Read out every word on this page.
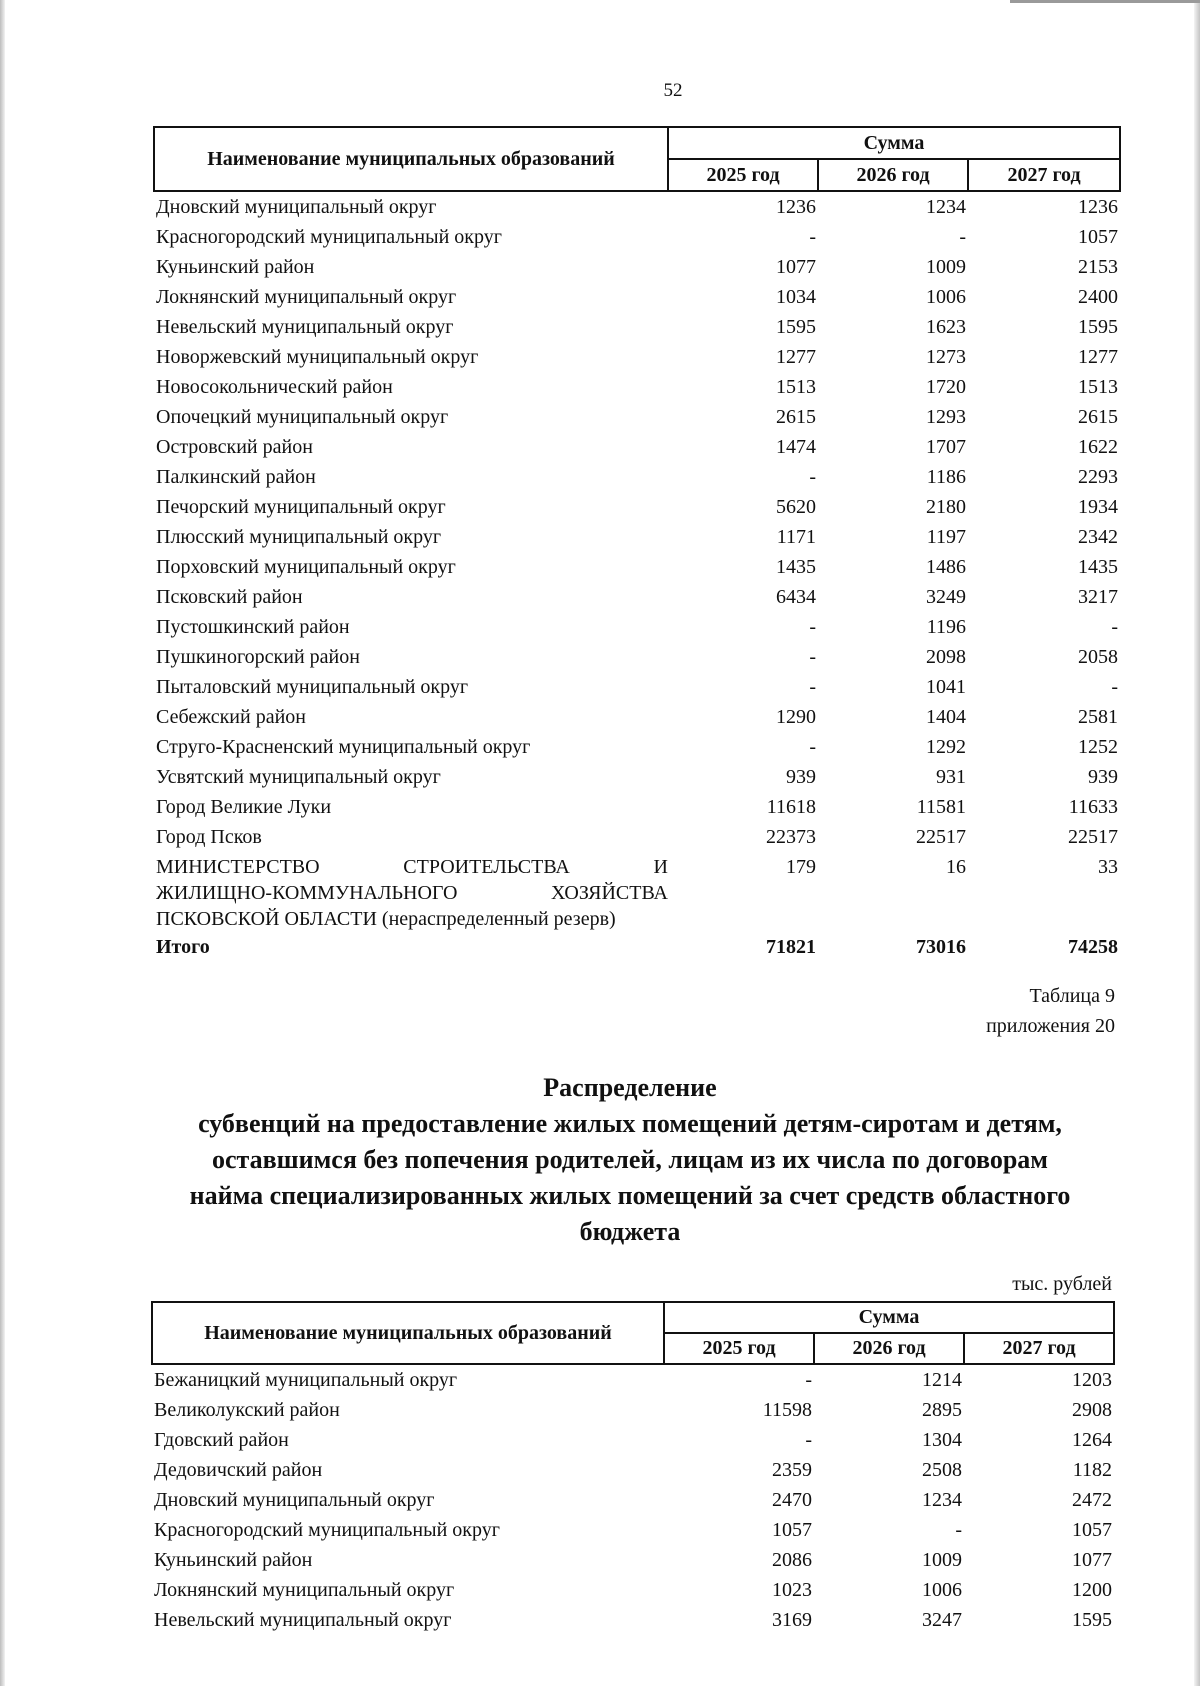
52
Наименование муниципальных образований	Сумма		
	2025 год	2026 год	2027 год
Дновский муниципальный округ	1236	1234	1236
Красногородский муниципальный округ	-	-	1057
Куньинский район	1077	1009	2153
Локнянский муниципальный округ	1034	1006	2400
Невельский муниципальный округ	1595	1623	1595
Новоржевский муниципальный округ	1277	1273	1277
Новосокольнический район	1513	1720	1513
Опочецкий муниципальный округ	2615	1293	2615
Островский район	1474	1707	1622
Палкинский район	-	1186	2293
Печорский муниципальный округ	5620	2180	1934
Плюсский муниципальный округ	1171	1197	2342
Порховский муниципальный округ	1435	1486	1435
Псковский район	6434	3249	3217
Пустошкинский район	-	1196	-
Пушкиногорский район	-	2098	2058
Пыталовский муниципальный округ	-	1041	-
Себежский район	1290	1404	2581
Струго-Красненский муниципальный округ	-	1292	1252
Усвятский муниципальный округ	939	931	939
Город Великие Луки	11618	11581	11633
Город Псков	22373	22517	22517

МИНИСТЕРСТВО СТРОИТЕЛЬСТВА И
ЖИЛИЩНО-КОММУНАЛЬНОГО ХОЗЯЙСТВА
ПСКОВСКОЙ ОБЛАСТИ (нераспределенный резерв)	179	16	33
Итого	71821	73016	74258
Таблица 9
приложения 20
Распределение
субвенций на предоставление жилых помещений детям-сиротам и детям,
оставшимся без попечения родителей, лицам из их числа по договорам
найма специализированных жилых помещений за счет средств областного
бюджета
тыс. рублей
Наименование муниципальных образований	Сумма		
	2025 год	2026 год	2027 год
Бежаницкий муниципальный округ	-	1214	1203
Великолукский район	11598	2895	2908
Гдовский район	-	1304	1264
Дедовичский район	2359	2508	1182
Дновский муниципальный округ	2470	1234	2472
Красногородский муниципальный округ	1057	-	1057
Куньинский район	2086	1009	1077
Локнянский муниципальный округ	1023	1006	1200
Невельский муниципальный округ	3169	3247	1595
